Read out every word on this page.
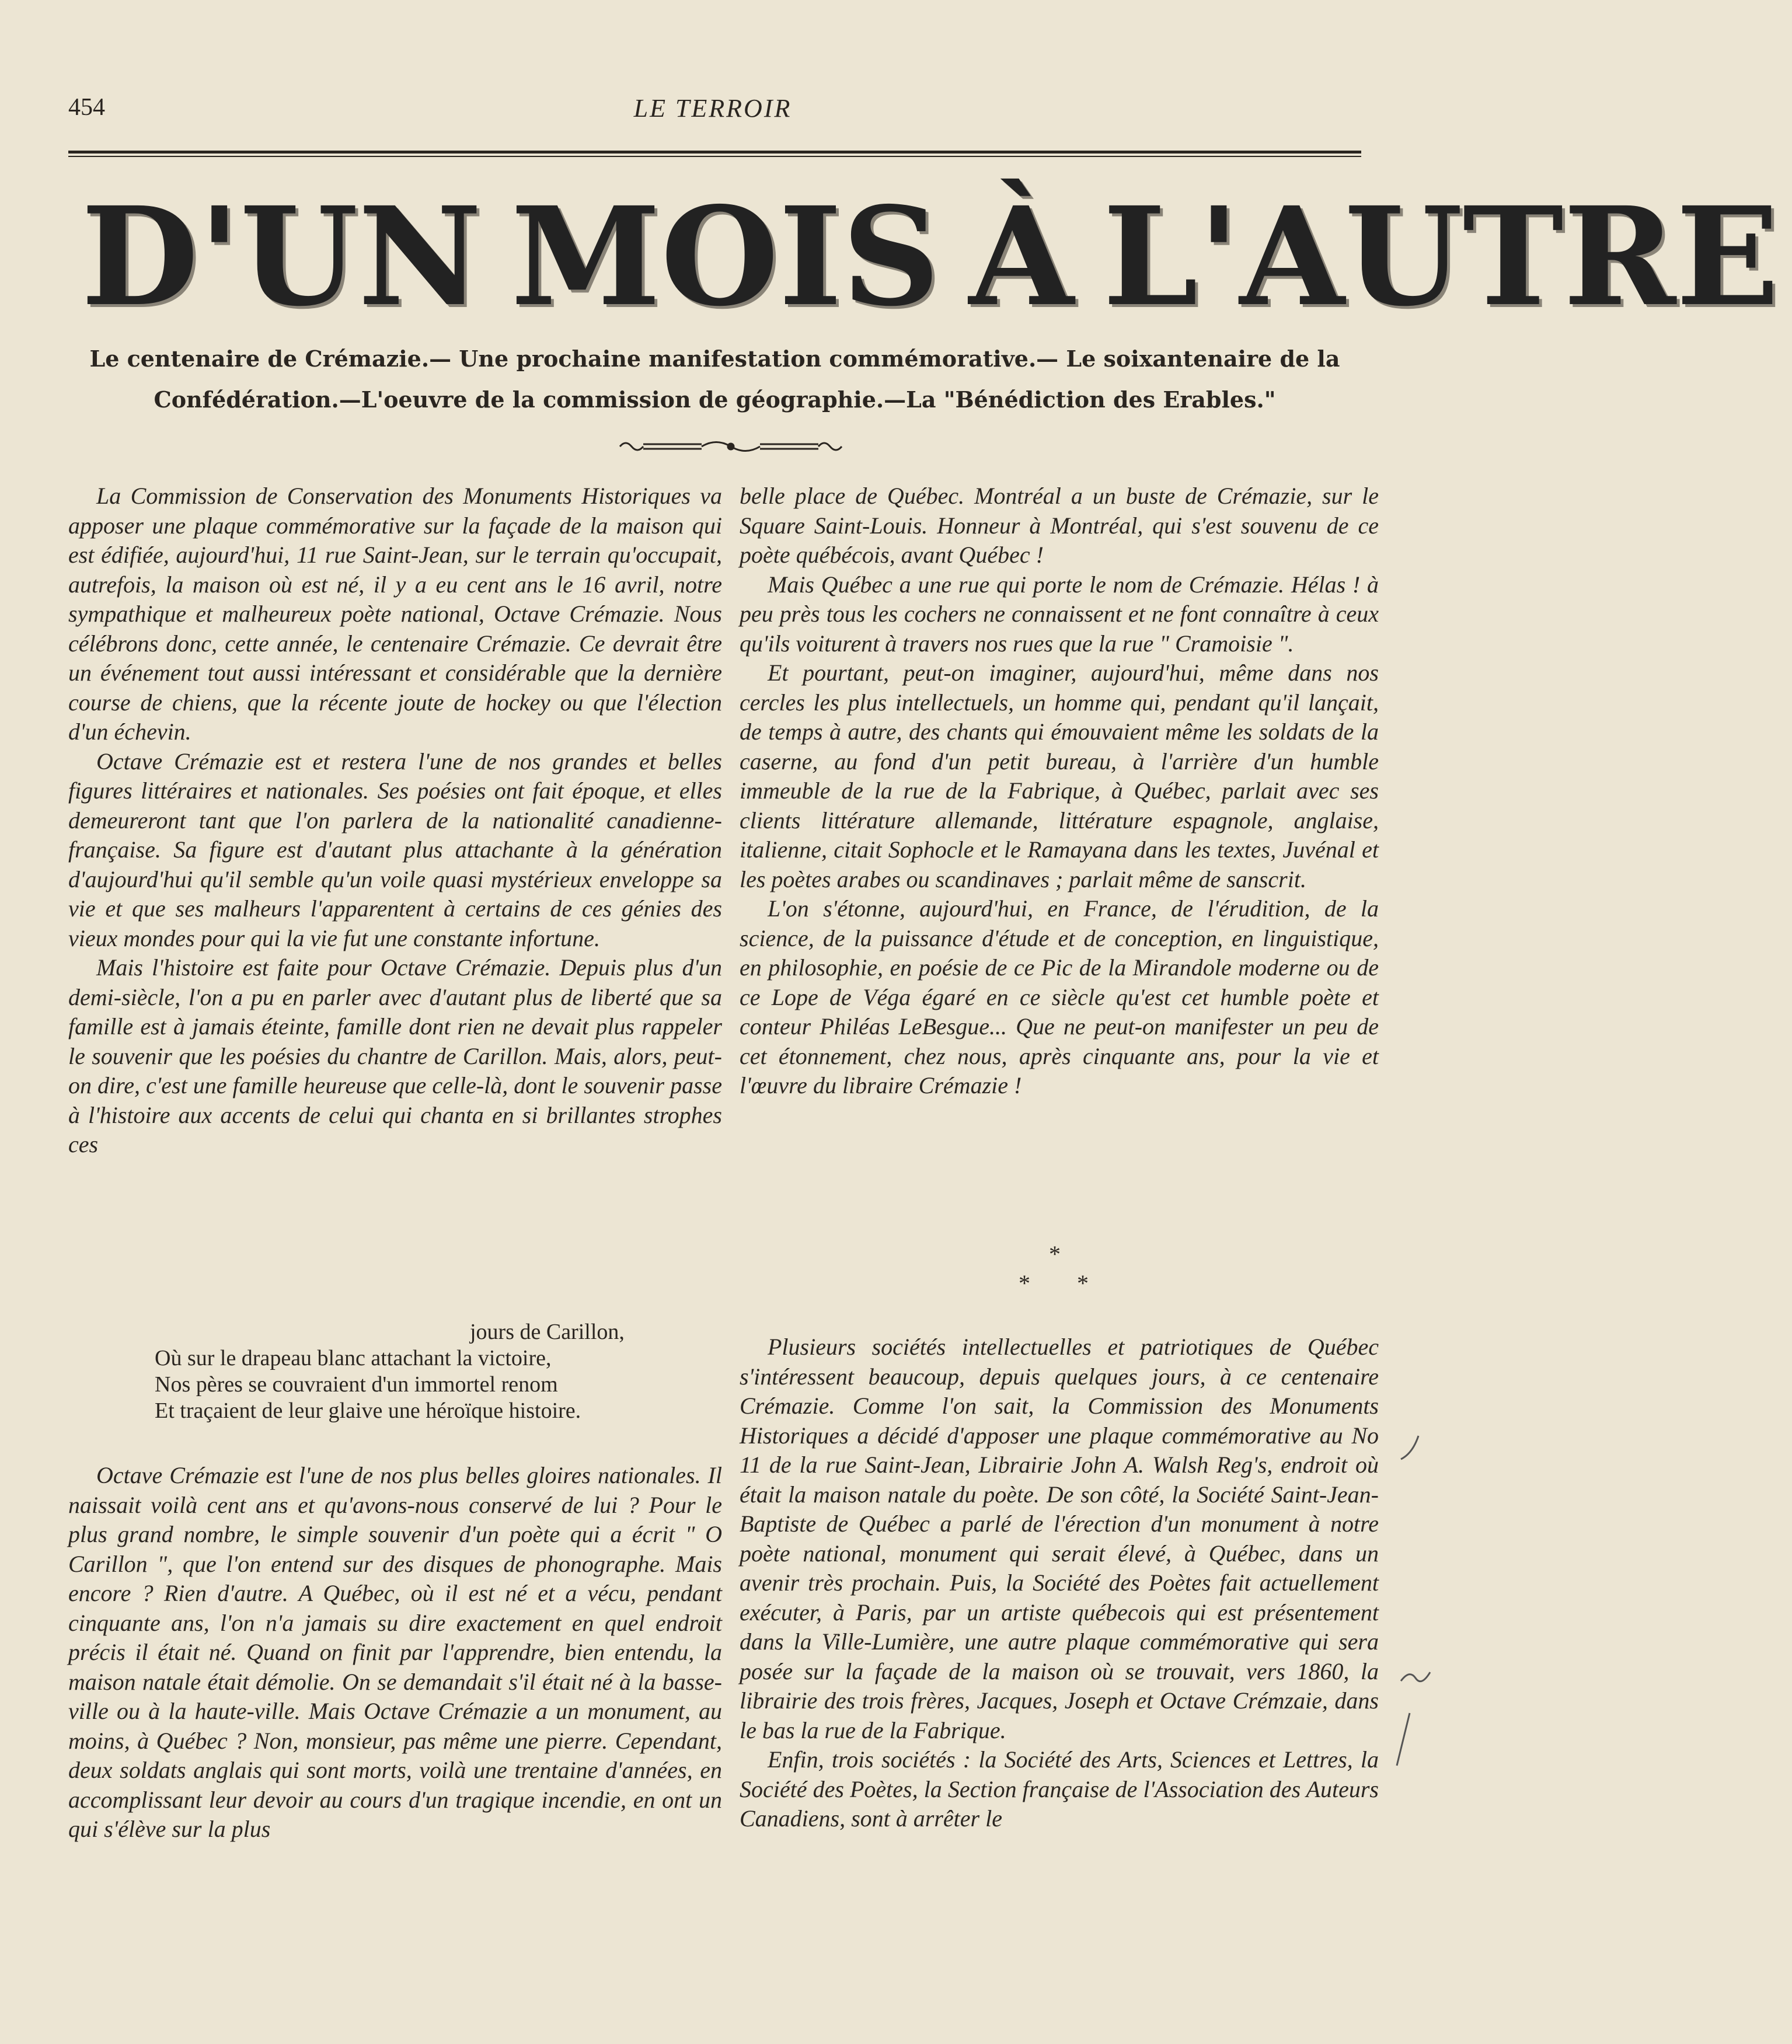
454	LE TERROIR
D'UN MOIS À L'AUTRE
Le centenaire de Crémazie.— Une prochaine manifestation commémorative.— Le soixantenaire de la
Confédération.—L'oeuvre de la commission de géographie.—La "Bénédiction des Erables."

La Commission de Conservation des Monuments Historiques va apposer une plaque commémorative sur la façade de la maison qui est édifiée, aujourd'hui, 11 rue Saint-Jean, sur le terrain qu'occupait, autrefois, la maison où est né, il y a eu cent ans le 16 avril, notre sympathique et malheureux poète national, Octave Crémazie. Nous célébrons donc, cette année, le centenaire Crémazie. Ce devrait être un événement tout aussi intéressant et considérable que la dernière course de chiens, que la récente joute de hockey ou que l'élection d'un échevin.

Octave Crémazie est et restera l'une de nos grandes et belles figures littéraires et nationales. Ses poésies ont fait époque, et elles demeureront tant que l'on parlera de la nationalité canadienne-française. Sa figure est d'autant plus attachante à la génération d'aujourd'hui qu'il semble qu'un voile quasi mystérieux enveloppe sa vie et que ses malheurs l'apparentent à certains de ces génies des vieux mondes pour qui la vie fut une constante infortune.

Mais l'histoire est faite pour Octave Crémazie. Depuis plus d'un demi-siècle, l'on a pu en parler avec d'autant plus de liberté que sa famille est à jamais éteinte, famille dont rien ne devait plus rappeler le souvenir que les poésies du chantre de Carillon. Mais, alors, peut-on dire, c'est une famille heureuse que celle-là, dont le souvenir passe à l'histoire aux accents de celui qui chanta en si brillantes strophes ces

jours de Carillon,
Où sur le drapeau blanc attachant la victoire,
Nos pères se couvraient d'un immortel renom
Et traçaient de leur glaive une héroïque histoire.

Octave Crémazie est l'une de nos plus belles gloires nationales. Il naissait voilà cent ans et qu'avons-nous conservé de lui ? Pour le plus grand nombre, le simple souvenir d'un poète qui a écrit " O Carillon ", que l'on entend sur des disques de phonographe. Mais encore ? Rien d'autre. A Québec, où il est né et a vécu, pendant cinquante ans, l'on n'a jamais su dire exactement en quel endroit précis il était né. Quand on finit par l'apprendre, bien entendu, la maison natale était démolie. On se demandait s'il était né à la basse-ville ou à la haute-ville. Mais Octave Crémazie a un monument, au moins, à Québec ? Non, monsieur, pas même une pierre. Cependant, deux soldats anglais qui sont morts, voilà une trentaine d'années, en accomplissant leur devoir au cours d'un tragique incendie, en ont un qui s'élève sur la plus

belle place de Québec. Montréal a un buste de Crémazie, sur le Square Saint-Louis. Honneur à Montréal, qui s'est souvenu de ce poète québécois, avant Québec !

Mais Québec a une rue qui porte le nom de Crémazie. Hélas ! à peu près tous les cochers ne connaissent et ne font connaître à ceux qu'ils voiturent à travers nos rues que la rue " Cramoisie ".

Et pourtant, peut-on imaginer, aujourd'hui, même dans nos cercles les plus intellectuels, un homme qui, pendant qu'il lançait, de temps à autre, des chants qui émouvaient même les soldats de la caserne, au fond d'un petit bureau, à l'arrière d'un humble immeuble de la rue de la Fabrique, à Québec, parlait avec ses clients littérature allemande, littérature espagnole, anglaise, italienne, citait Sophocle et le Ramayana dans les textes, Juvénal et les poètes arabes ou scandinaves ; parlait même de sanscrit.

L'on s'étonne, aujourd'hui, en France, de l'érudition, de la science, de la puissance d'étude et de conception, en linguistique, en philosophie, en poésie de ce Pic de la Mirandole moderne ou de ce Lope de Véga égaré en ce siècle qu'est cet humble poète et conteur Philéas LeBesgue... Que ne peut-on manifester un peu de cet étonnement, chez nous, après cinquante ans, pour la vie et l'œuvre du libraire Crémazie !

*
* *

Plusieurs sociétés intellectuelles et patriotiques de Québec s'intéressent beaucoup, depuis quelques jours, à ce centenaire Crémazie. Comme l'on sait, la Commission des Monuments Historiques a décidé d'apposer une plaque commémorative au No 11 de la rue Saint-Jean, Librairie John A. Walsh Reg's, endroit où était la maison natale du poète. De son côté, la Société Saint-Jean-Baptiste de Québec a parlé de l'érection d'un monument à notre poète national, monument qui serait élevé, à Québec, dans un avenir très prochain. Puis, la Société des Poètes fait actuellement exécuter, à Paris, par un artiste québecois qui est présentement dans la Ville-Lumière, une autre plaque commémorative qui sera posée sur la façade de la maison où se trouvait, vers 1860, la librairie des trois frères, Jacques, Joseph et Octave Crémzaie, dans le bas la rue de la Fabrique.

Enfin, trois sociétés : la Société des Arts, Sciences et Lettres, la Société des Poètes, la Section française de l'Association des Auteurs Canadiens, sont à arrêter le
